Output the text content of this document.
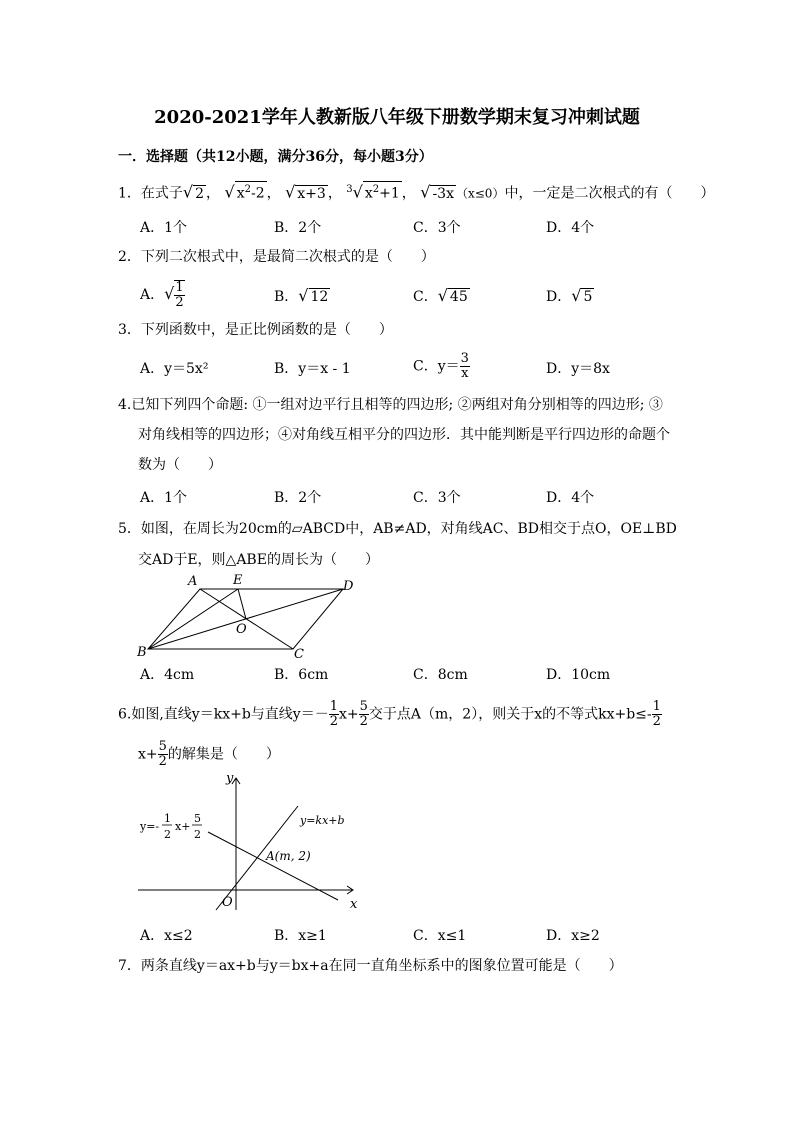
2020-2021学年人教新版八年级下册数学期末复习冲刺试题
一．选择题（共12小题，满分36分，每小题3分）
1．在式子√ 2 ， √ $x^2-2$ ， √ x+3 ， $^3$√ $x^2+1$ ， √ -3x （x≤0）中，一定是二次根式的有（　　）
A．1个	B．2个	C．3个	D．4个
2．下列二次根式中，是最简二次根式的是（　　）
A．√ $\frac{1}{2}$	B．√ 12	C．√ 45	D．√ 5
3．下列函数中，是正比例函数的是（　　）
A．y＝5x²	B．y＝x - 1	C．$y= \frac{3}{x}$	D．y＝8x
4.已知下列四个命题: ①一组对边平行且相等的四边形; ②两组对角分别相等的四边形; ③
对角线相等的四边形；④对角线互相平分的四边形．其中能判断是平行四边形的命题个
数为（　　）
A．1个	B．2个	C．3个	D．4个
5．如图，在周长为20cm的▱ABCD中，AB≠AD，对角线AC、BD相交于点O，OE⊥BD
交AD于E，则△ABE的周长为（　　）
A	E	D
O
B	C
A．4cm	B．6cm	C．8cm	D．10cm
6.如图,直线y＝kx+b与直线$y=- \frac{1}{2} x+ \frac{5}{2}$ 交于点A（m，2），则关于x的不等式$kx+b\le- \frac{1}{2}$
$x+ \frac{5}{2}$ 的解集是（　　）
y
x
O
y=-
1
2
x+
5
2
y=kx+b
A(m, 2)
A．x≤2	B．x≥1	C．x≤1	D．x≥2
7．两条直线y＝ax+b与y＝bx+a在同一直角坐标系中的图象位置可能是（　　）
